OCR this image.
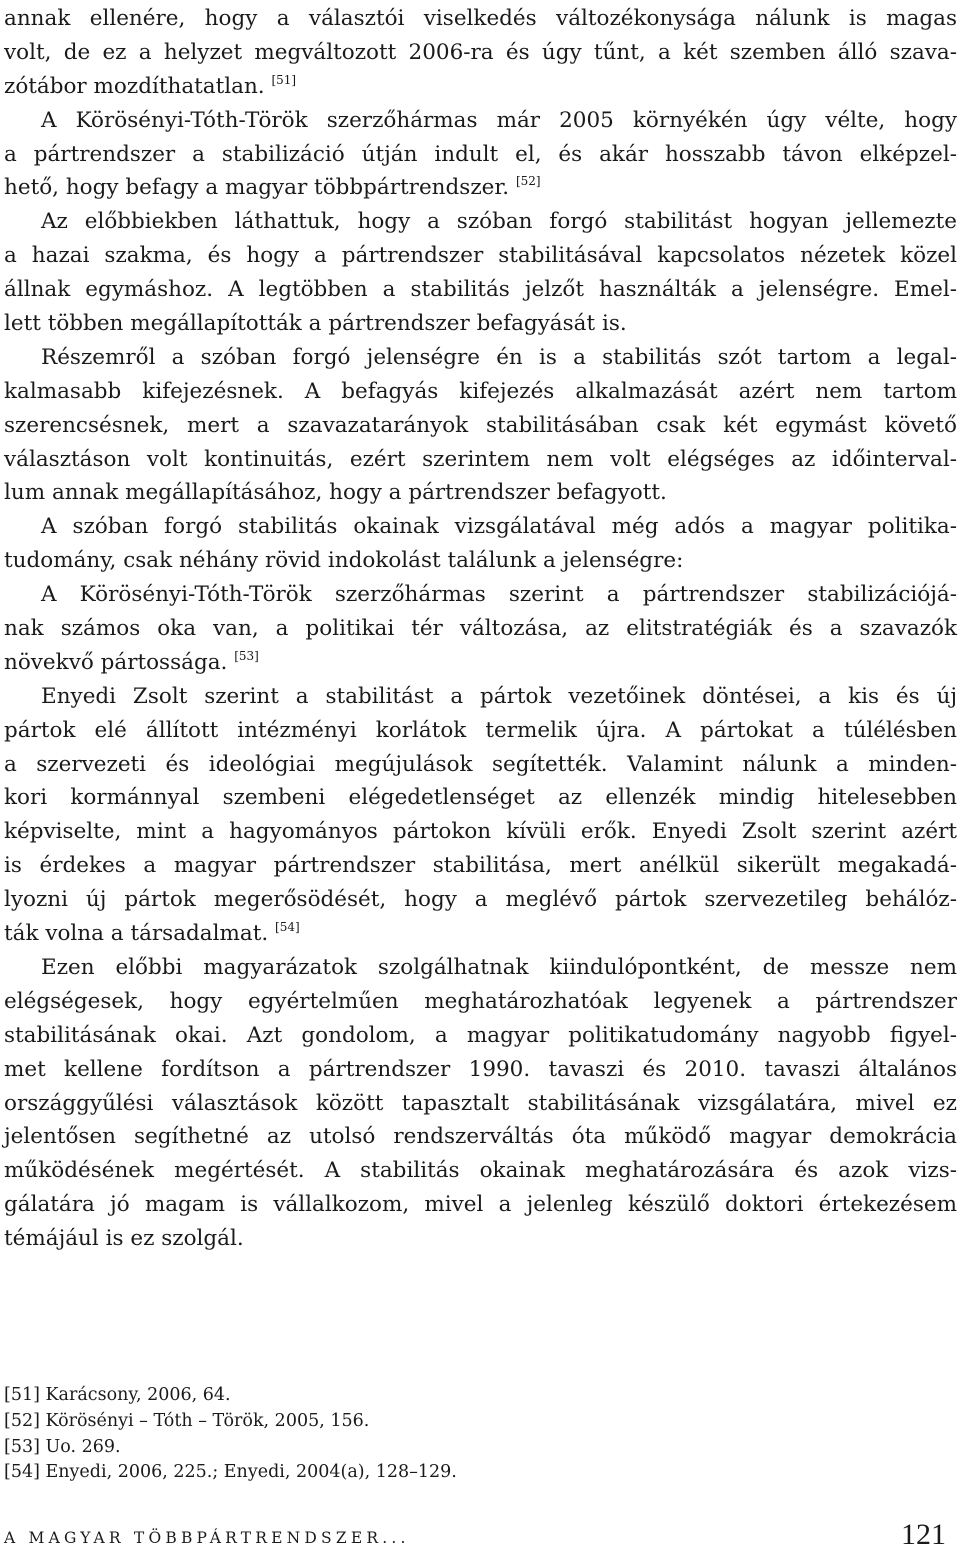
annak ellenére, hogy a választói viselkedés változékonysága nálunk is magas
volt, de ez a helyzet megváltozott 2006-ra és úgy tűnt, a két szemben álló szava-
zótábor mozdíthatatlan. [51]
A Körösényi-Tóth-Török szerzőhármas már 2005 környékén úgy vélte, hogy
a pártrendszer a stabilizáció útján indult el, és akár hosszabb távon elképzel-
hető, hogy befagy a magyar többpártrendszer. [52]
Az előbbiekben láthattuk, hogy a szóban forgó stabilitást hogyan jellemezte
a hazai szakma, és hogy a pártrendszer stabilitásával kapcsolatos nézetek közel
állnak egymáshoz. A legtöbben a stabilitás jelzőt használták a jelenségre. Emel-
lett többen megállapították a pártrendszer befagyását is.
Részemről a szóban forgó jelenségre én is a stabilitás szót tartom a legal-
kalmasabb kifejezésnek. A befagyás kifejezés alkalmazását azért nem tartom
szerencsésnek, mert a szavazatarányok stabilitásában csak két egymást követő
választáson volt kontinuitás, ezért szerintem nem volt elégséges az időinterval-
lum annak megállapításához, hogy a pártrendszer befagyott.
A szóban forgó stabilitás okainak vizsgálatával még adós a magyar politika-
tudomány, csak néhány rövid indokolást találunk a jelenségre:
A Körösényi-Tóth-Török szerzőhármas szerint a pártrendszer stabilizációjá-
nak számos oka van, a politikai tér változása, az elitstratégiák és a szavazók
növekvő pártossága. [53]
Enyedi Zsolt szerint a stabilitást a pártok vezetőinek döntései, a kis és új
pártok elé állított intézményi korlátok termelik újra. A pártokat a túlélésben
a szervezeti és ideológiai megújulások segítették. Valamint nálunk a minden-
kori kormánnyal szembeni elégedetlenséget az ellenzék mindig hitelesebben
képviselte, mint a hagyományos pártokon kívüli erők. Enyedi Zsolt szerint azért
is érdekes a magyar pártrendszer stabilitása, mert anélkül sikerült megakadá-
lyozni új pártok megerősödését, hogy a meglévő pártok szervezetileg behálóz-
ták volna a társadalmat. [54]
Ezen előbbi magyarázatok szolgálhatnak kiindulópontként, de messze nem
elégségesek, hogy egyértelműen meghatározhatóak legyenek a pártrendszer
stabilitásának okai. Azt gondolom, a magyar politikatudomány nagyobb figyel-
met kellene fordítson a pártrendszer 1990. tavaszi és 2010. tavaszi általános
országgyűlési választások között tapasztalt stabilitásának vizsgálatára, mivel ez
jelentősen segíthetné az utolsó rendszerváltás óta működő magyar demokrácia
működésének megértését. A stabilitás okainak meghatározására és azok vizs-
gálatára jó magam is vállalkozom, mivel a jelenleg készülő doktori értekezésem
témájául is ez szolgál.
[51] Karácsony, 2006, 64.
[52] Körösényi – Tóth – Török, 2005, 156.
[53] Uo. 269.
[54] Enyedi, 2006, 225.; Enyedi, 2004(a), 128–129.
A MAGYAR TÖBBPÁRTRENDSZER...	121
